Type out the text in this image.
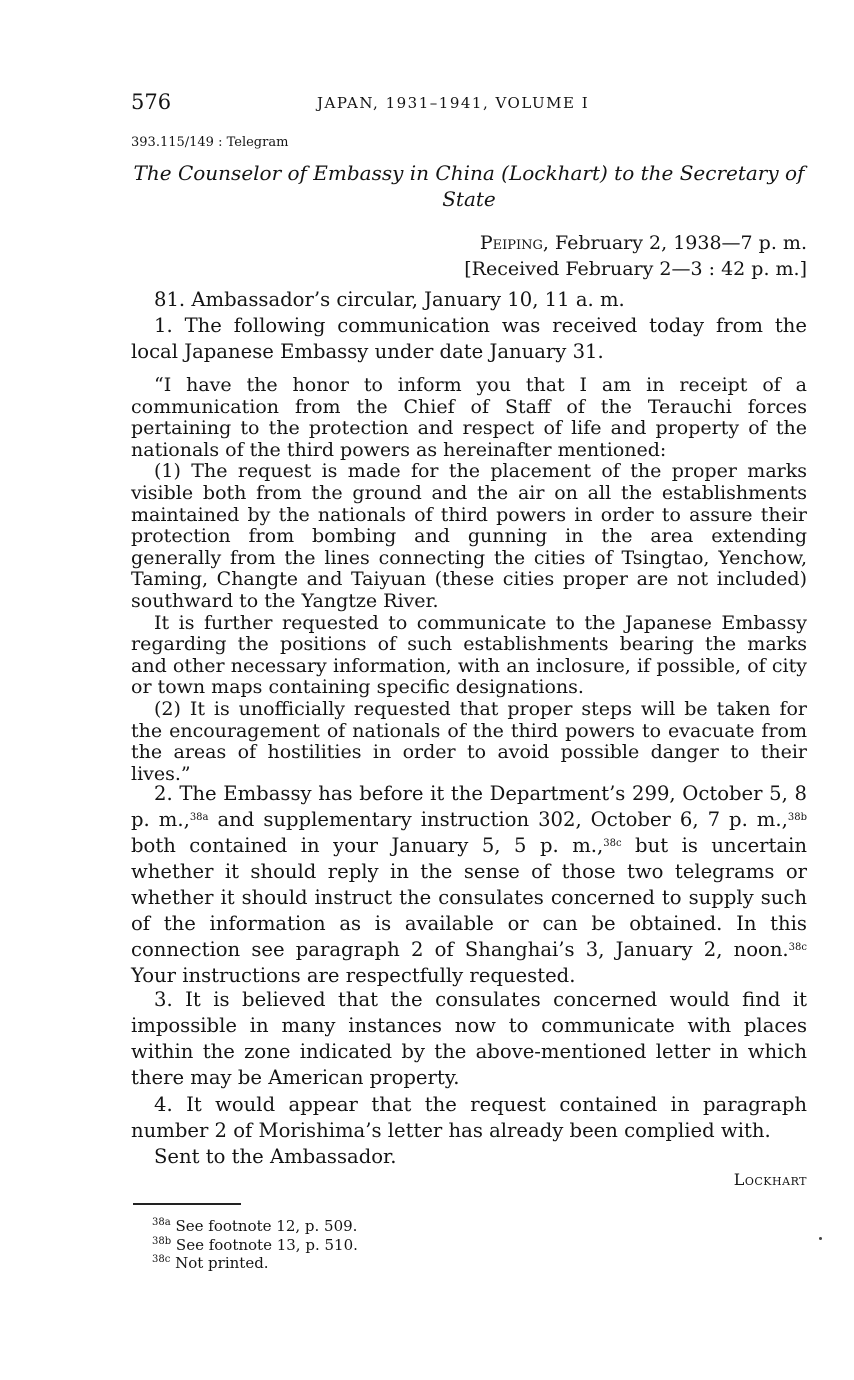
576	JAPAN, 1931–1941, VOLUME I
393.115/149 : Telegram
The Counselor of Embassy in China (Lockhart) to the Secretary of State
Peiping, February 2, 1938—7 p. m.
[Received February 2—3 : 42 p. m.]
81. Ambassador’s circular, January 10, 11 a. m.
1. The following communication was received today from the local Japanese Embassy under date January 31.

“I have the honor to inform you that I am in receipt of a communication from the Chief of Staff of the Terauchi forces pertaining to the protection and respect of life and property of the nationals of the third powers as hereinafter mentioned:

(1) The request is made for the placement of the proper marks visible both from the ground and the air on all the establishments maintained by the nationals of third powers in order to assure their protection from bombing and gunning in the area extending generally from the lines connecting the cities of Tsingtao, Yenchow, Taming, Changte and Taiyuan (these cities proper are not included) southward to the Yangtze River.

It is further requested to communicate to the Japanese Embassy regarding the positions of such establishments bearing the marks and other necessary information, with an inclosure, if possible, of city or town maps containing specific designations.

(2) It is unofficially requested that proper steps will be taken for the encouragement of nationals of the third powers to evacuate from the areas of hostilities in order to avoid possible danger to their lives.”

2. The Embassy has before it the Department’s 299, October 5, 8 p. m.,$^{38a}$ and supplementary instruction 302, October 6, 7 p. m.,$^{38b}$ both contained in your January 5, 5 p. m.,$^{38c}$ but is uncertain whether it should reply in the sense of those two telegrams or whether it should instruct the consulates concerned to supply such of the information as is available or can be obtained. In this connection see paragraph 2 of Shanghai’s 3, January 2, noon.$^{38c}$ Your instructions are respectfully requested.
3. It is believed that the consulates concerned would find it impossible in many instances now to communicate with places within the zone indicated by the above-mentioned letter in which there may be American property.
4. It would appear that the request contained in paragraph number 2 of Morishima’s letter has already been complied with.
Sent to the Ambassador.
Lockhart
$^{38a}$ See footnote 12, p. 509.
$^{38b}$ See footnote 13, p. 510.
$^{38c}$ Not printed.
